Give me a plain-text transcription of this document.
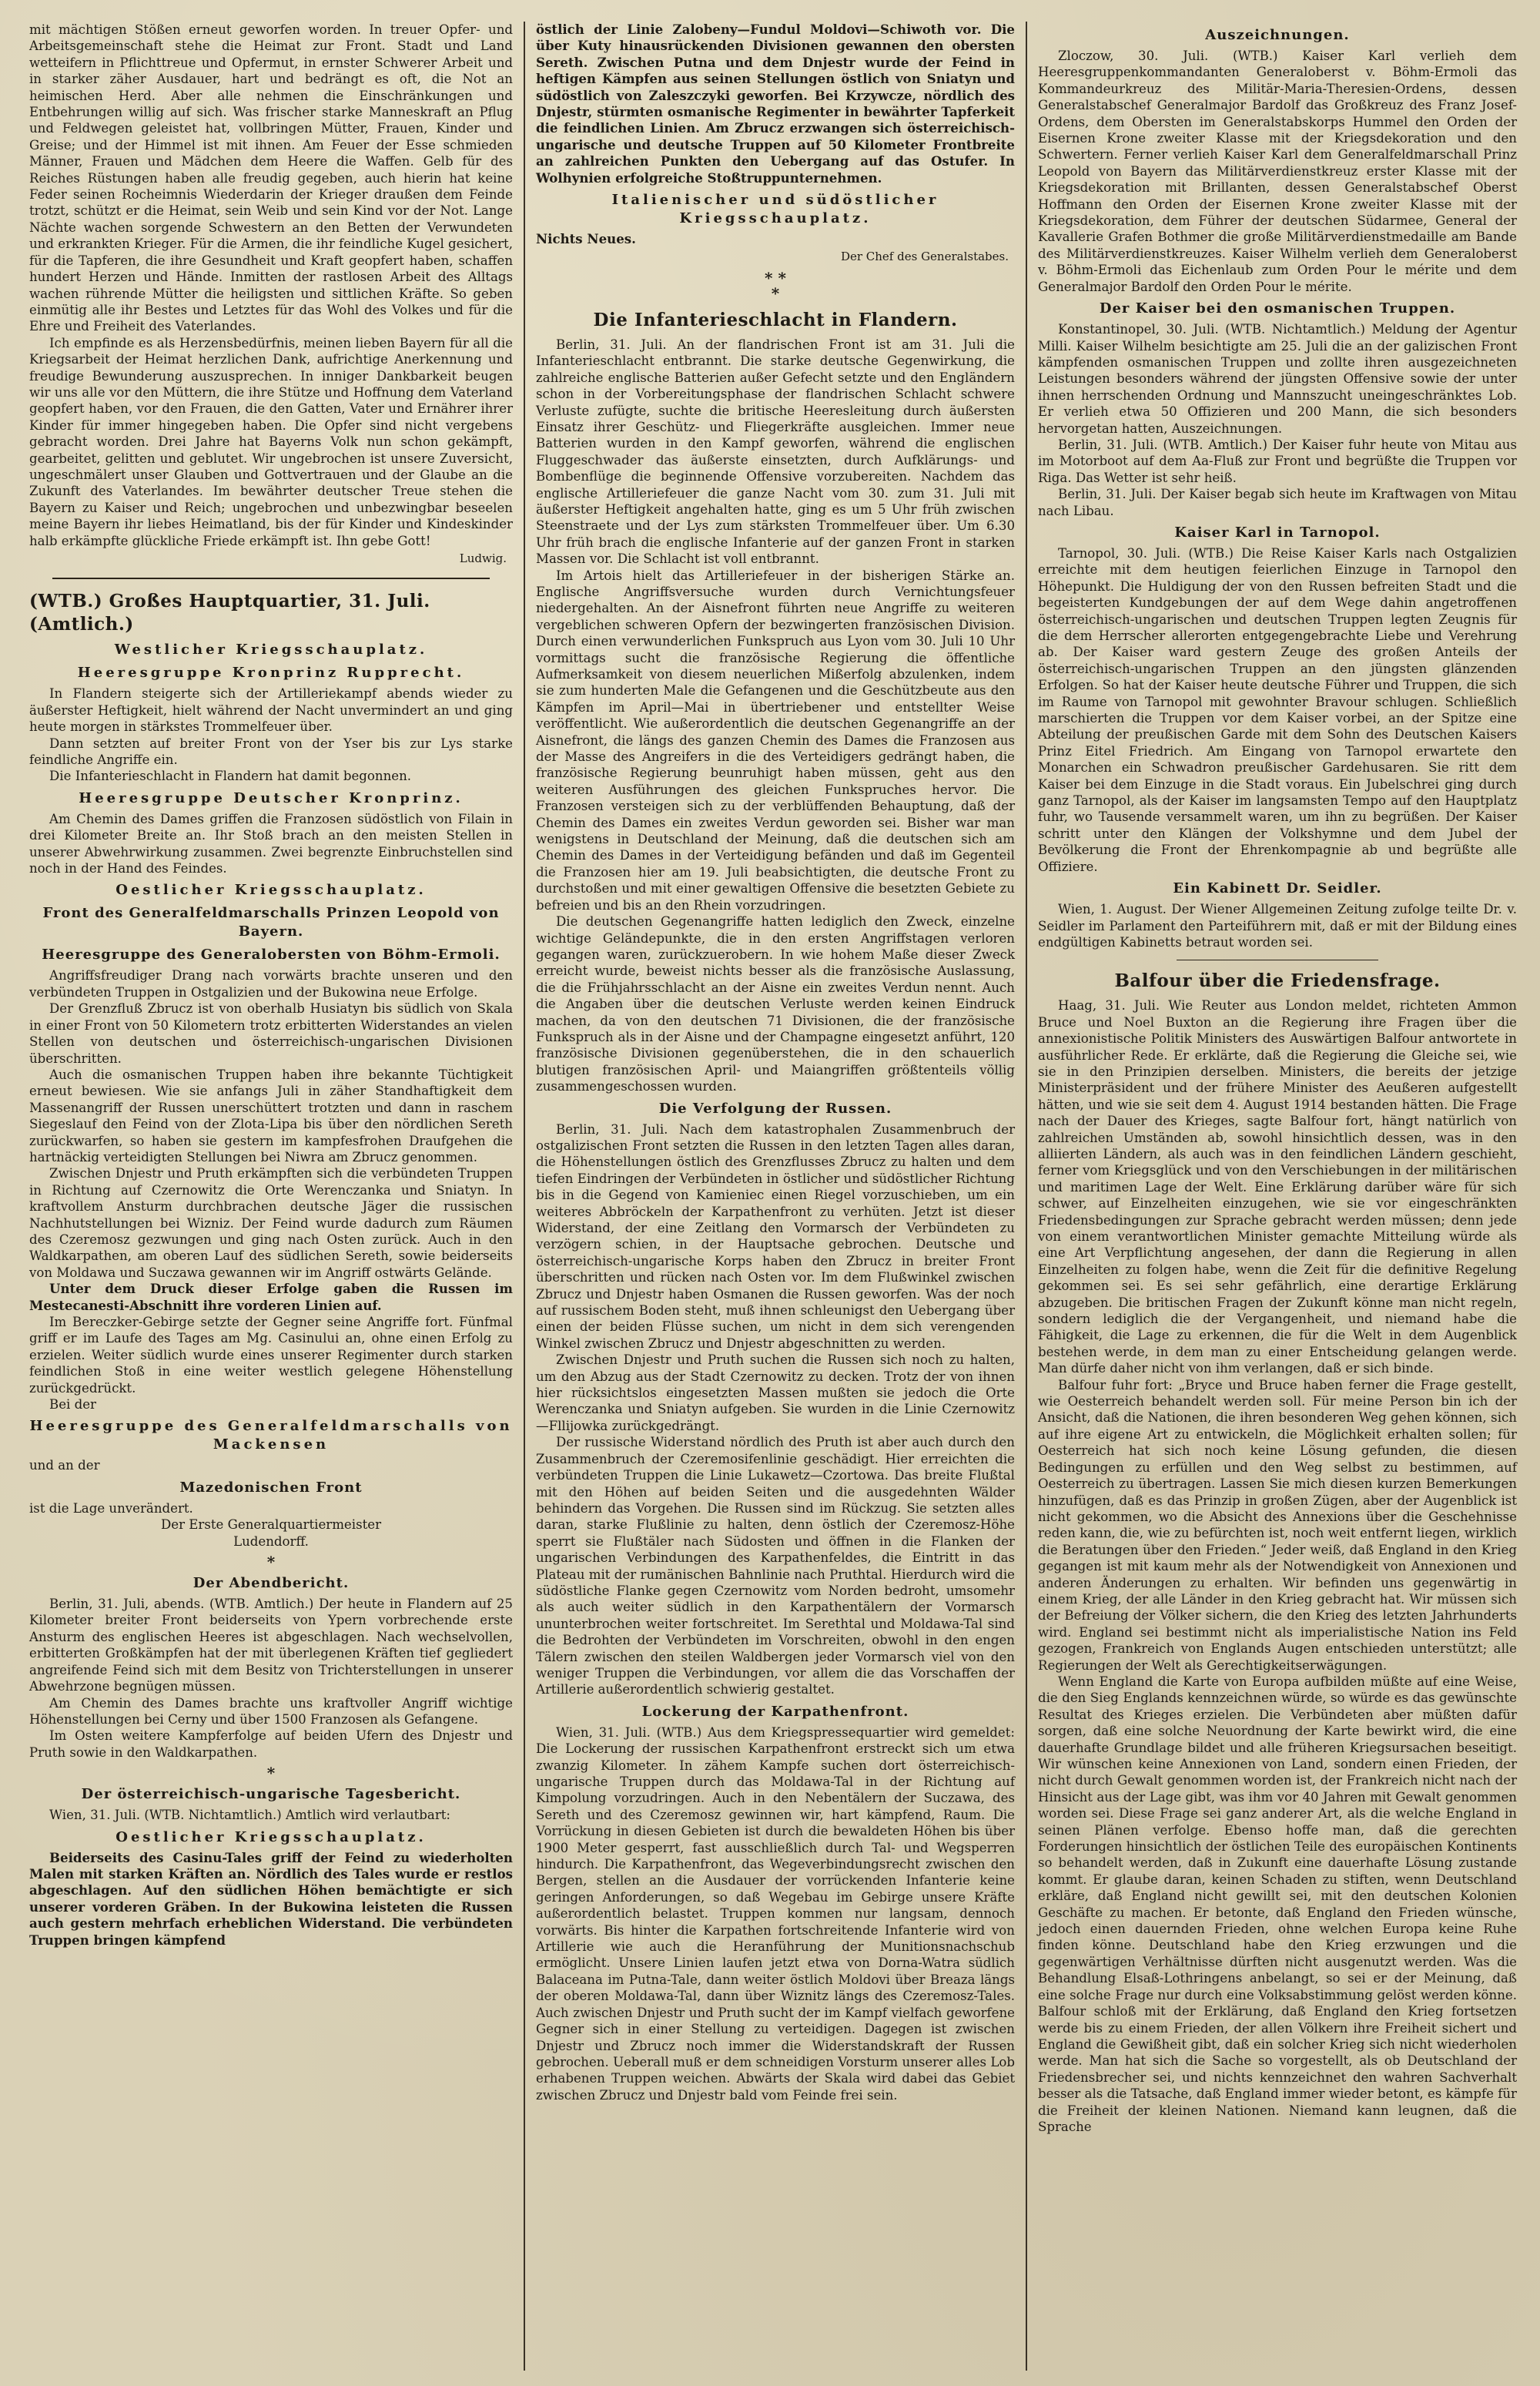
mit mächtigen Stößen erneut geworfen worden. In treuer Opfer- und Arbeitsgemeinschaft stehe die Heimat zur Front. Stadt und Land wetteifern in Pflichttreue und Opfermut, in ernster Schwerer Arbeit und in starker zäher Ausdauer, hart und bedrängt es oft, die Not an heimischen Herd. Aber alle nehmen die Einschränkungen und Entbehrungen willig auf sich. Was frischer starke Manneskraft an Pflug und Feldwegen geleistet hat, vollbringen Mütter, Frauen, Kinder und Greise; und der Himmel ist mit ihnen. Am Feuer der Esse schmieden Männer, Frauen und Mädchen dem Heere die Waffen. Gelb für des Reiches Rüstungen haben alle freudig gegeben, auch hierin hat keine Feder seinen Rocheimnis Wiederdarin der Krieger draußen dem Feinde trotzt, schützt er die Heimat, sein Weib und sein Kind vor der Not. Lange Nächte wachen sorgende Schwestern an den Betten der Verwundeten und erkrankten Krieger. Für die Armen, die ihr feindliche Kugel gesichert, für die Tapferen, die ihre Gesundheit und Kraft geopfert haben, schaffen hundert Herzen und Hände. Inmitten der rastlosen Arbeit des Alltags wachen rührende Mütter die heiligsten und sittlichen Kräfte. So geben einmütig alle ihr Bestes und Letztes für das Wohl des Volkes und für die Ehre und Freiheit des Vaterlandes.

Ich empfinde es als Herzensbedürfnis, meinen lieben Bayern für all die Kriegsarbeit der Heimat herzlichen Dank, aufrichtige Anerkennung und freudige Bewunderung auszusprechen. In inniger Dankbarkeit beugen wir uns alle vor den Müttern, die ihre Stütze und Hoffnung dem Vaterland geopfert haben, vor den Frauen, die den Gatten, Vater und Ernährer ihrer Kinder für immer hingegeben haben. Die Opfer sind nicht vergebens gebracht worden. Drei Jahre hat Bayerns Volk nun schon gekämpft, gearbeitet, gelitten und geblutet. Wir ungebrochen ist unsere Zuversicht, ungeschmälert unser Glauben und Gottvertrauen und der Glaube an die Zukunft des Vaterlandes. Im bewährter deutscher Treue stehen die Bayern zu Kaiser und Reich; ungebrochen und unbezwingbar beseelen meine Bayern ihr liebes Heimatland, bis der für Kinder und Kindeskinder halb erkämpfte glückliche Friede erkämpft ist. Ihn gebe Gott!

Ludwig.

(WTB.) Großes Hauptquartier, 31. Juli. (Amtlich.)

Westlicher Kriegsschauplatz.

Heeresgruppe Kronprinz Rupprecht.

In Flandern steigerte sich der Artilleriekampf abends wieder zu äußerster Heftigkeit, hielt während der Nacht unvermindert an und ging heute morgen in stärkstes Trommelfeuer über.

Dann setzten auf breiter Front von der Yser bis zur Lys starke feindliche Angriffe ein.

Die Infanterieschlacht in Flandern hat damit begonnen.

Heeresgruppe Deutscher Kronprinz.

Am Chemin des Dames griffen die Franzosen südöstlich von Filain in drei Kilometer Breite an. Ihr Stoß brach an den meisten Stellen in unserer Abwehrwirkung zusammen. Zwei begrenzte Einbruchstellen sind noch in der Hand des Feindes.

Oestlicher Kriegsschauplatz.

Front des Generalfeldmarschalls Prinzen Leopold von Bayern.

Heeresgruppe des Generalobersten von Böhm-Ermoli.

Angriffsfreudiger Drang nach vorwärts brachte unseren und den verbündeten Truppen in Ostgalizien und der Bukowina neue Erfolge.

Der Grenzfluß Zbrucz ist von oberhalb Husiatyn bis südlich von Skala in einer Front von 50 Kilometern trotz erbitterten Widerstandes an vielen Stellen von deutschen und österreichisch-ungarischen Divisionen überschritten.

Auch die osmanischen Truppen haben ihre bekannte Tüchtigkeit erneut bewiesen. Wie sie anfangs Juli in zäher Standhaftigkeit dem Massenangriff der Russen unerschüttert trotzten und dann in raschem Siegeslauf den Feind von der Zlota-Lipa bis über den nördlichen Sereth zurückwarfen, so haben sie gestern im kampfesfrohen Draufgehen die hartnäckig verteidigten Stellungen bei Niwra am Zbrucz genommen.

Zwischen Dnjestr und Pruth erkämpften sich die verbündeten Truppen in Richtung auf Czernowitz die Orte Werenczanka und Sniatyn. In kraftvollem Ansturm durchbrachen deutsche Jäger die russischen Nachhutstellungen bei Wizniz. Der Feind wurde dadurch zum Räumen des Czeremosz gezwungen und ging nach Osten zurück. Auch in den Waldkarpathen, am oberen Lauf des südlichen Sereth, sowie beiderseits von Moldawa und Suczawa gewannen wir im Angriff ostwärts Gelände.

Unter dem Druck dieser Erfolge gaben die Russen im Mestecanesti-Abschnitt ihre vorderen Linien auf.

Im Bereczker-Gebirge setzte der Gegner seine Angriffe fort. Fünfmal griff er im Laufe des Tages am Mg. Casinului an, ohne einen Erfolg zu erzielen. Weiter südlich wurde eines unserer Regimenter durch starken feindlichen Stoß in eine weiter westlich gelegene Höhenstellung zurückgedrückt.

Bei der

Heeresgruppe des Generalfeldmarschalls von Mackensen

und an der

Mazedonischen Front

ist die Lage unverändert.

Der Erste Generalquartiermeister

Ludendorff.

*

Der Abendbericht.

Berlin, 31. Juli, abends. (WTB. Amtlich.) Der heute in Flandern auf 25 Kilometer breiter Front beiderseits von Ypern vorbrechende erste Ansturm des englischen Heeres ist abgeschlagen. Nach wechselvollen, erbitterten Großkämpfen hat der mit überlegenen Kräften tief gegliedert angreifende Feind sich mit dem Besitz von Trichterstellungen in unserer Abwehrzone begnügen müssen.

Am Chemin des Dames brachte uns kraftvoller Angriff wichtige Höhenstellungen bei Cerny und über 1500 Franzosen als Gefangene.

Im Osten weitere Kampferfolge auf beiden Ufern des Dnjestr und Pruth sowie in den Waldkarpathen.

*

Der österreichisch-ungarische Tagesbericht.

Wien, 31. Juli. (WTB. Nichtamtlich.) Amtlich wird verlautbart:

Oestlicher Kriegsschauplatz.

Beiderseits des Casinu-Tales griff der Feind zu wiederholten Malen mit starken Kräften an. Nördlich des Tales wurde er restlos abgeschlagen. Auf den südlichen Höhen bemächtigte er sich unserer vorderen Gräben. In der Bukowina leisteten die Russen auch gestern mehrfach erheblichen Widerstand. Die verbündeten Truppen bringen kämpfend

östlich der Linie Zalobeny—Fundul Moldovi—Schiwoth vor. Die über Kuty hinausrückenden Divisionen gewannen den obersten Sereth. Zwischen Putna und dem Dnjestr wurde der Feind in heftigen Kämpfen aus seinen Stellungen östlich von Sniatyn und südöstlich von Zaleszczyki geworfen. Bei Krzywcze, nördlich des Dnjestr, stürmten osmanische Regimenter in bewährter Tapferkeit die feindlichen Linien. Am Zbrucz erzwangen sich österreichisch-ungarische und deutsche Truppen auf 50 Kilometer Frontbreite an zahlreichen Punkten den Uebergang auf das Ostufer. In Wolhynien erfolgreiche Stoßtruppunternehmen.

Italienischer und südöstlicher Kriegsschauplatz.

Nichts Neues.

Der Chef des Generalstabes.

* *
*

Die Infanterieschlacht in Flandern.

Berlin, 31. Juli. An der flandrischen Front ist am 31. Juli die Infanterieschlacht entbrannt. Die starke deutsche Gegenwirkung, die zahlreiche englische Batterien außer Gefecht setzte und den Engländern schon in der Vorbereitungsphase der flandrischen Schlacht schwere Verluste zufügte, suchte die britische Heeresleitung durch äußersten Einsatz ihrer Geschütz- und Fliegerkräfte ausgleichen. Immer neue Batterien wurden in den Kampf geworfen, während die englischen Fluggeschwader das äußerste einsetzten, durch Aufklärungs- und Bombenflüge die beginnende Offensive vorzubereiten. Nachdem das englische Artilleriefeuer die ganze Nacht vom 30. zum 31. Juli mit äußerster Heftigkeit angehalten hatte, ging es um 5 Uhr früh zwischen Steenstraete und der Lys zum stärksten Trommelfeuer über. Um 6.30 Uhr früh brach die englische Infanterie auf der ganzen Front in starken Massen vor. Die Schlacht ist voll entbrannt.

Im Artois hielt das Artilleriefeuer in der bisherigen Stärke an. Englische Angriffsversuche wurden durch Vernichtungsfeuer niedergehalten. An der Aisnefront führten neue Angriffe zu weiteren vergeblichen schweren Opfern der bezwingerten französischen Division. Durch einen verwunderlichen Funkspruch aus Lyon vom 30. Juli 10 Uhr vormittags sucht die französische Regierung die öffentliche Aufmerksamkeit von diesem neuerlichen Mißerfolg abzulenken, indem sie zum hunderten Male die Gefangenen und die Geschützbeute aus den Kämpfen im April—Mai in übertriebener und entstellter Weise veröffentlicht. Wie außerordentlich die deutschen Gegenangriffe an der Aisnefront, die längs des ganzen Chemin des Dames die Franzosen aus der Masse des Angreifers in die des Verteidigers gedrängt haben, die französische Regierung beunruhigt haben müssen, geht aus den weiteren Ausführungen des gleichen Funkspruches hervor. Die Franzosen versteigen sich zu der verblüffenden Behauptung, daß der Chemin des Dames ein zweites Verdun geworden sei. Bisher war man wenigstens in Deutschland der Meinung, daß die deutschen sich am Chemin des Dames in der Verteidigung befänden und daß im Gegenteil die Franzosen hier am 19. Juli beabsichtigten, die deutsche Front zu durchstoßen und mit einer gewaltigen Offensive die besetzten Gebiete zu befreien und bis an den Rhein vorzudringen.

Die deutschen Gegenangriffe hatten lediglich den Zweck, einzelne wichtige Geländepunkte, die in den ersten Angriffstagen verloren gegangen waren, zurückzuerobern. In wie hohem Maße dieser Zweck erreicht wurde, beweist nichts besser als die französische Auslassung, die die Frühjahrsschlacht an der Aisne ein zweites Verdun nennt. Auch die Angaben über die deutschen Verluste werden keinen Eindruck machen, da von den deutschen 71 Divisionen, die der französische Funkspruch als in der Aisne und der Champagne eingesetzt anführt, 120 französische Divisionen gegenüberstehen, die in den schauerlich blutigen französischen April- und Maiangriffen größtenteils völlig zusammengeschossen wurden.

Die Verfolgung der Russen.

Berlin, 31. Juli. Nach dem katastrophalen Zusammenbruch der ostgalizischen Front setzten die Russen in den letzten Tagen alles daran, die Höhenstellungen östlich des Grenzflusses Zbrucz zu halten und dem tiefen Eindringen der Verbündeten in östlicher und südöstlicher Richtung bis in die Gegend von Kamieniec einen Riegel vorzuschieben, um ein weiteres Abbröckeln der Karpathenfront zu verhüten. Jetzt ist dieser Widerstand, der eine Zeitlang den Vormarsch der Verbündeten zu verzögern schien, in der Hauptsache gebrochen. Deutsche und österreichisch-ungarische Korps haben den Zbrucz in breiter Front überschritten und rücken nach Osten vor. Im dem Flußwinkel zwischen Zbrucz und Dnjestr haben Osmanen die Russen geworfen. Was der noch auf russischem Boden steht, muß ihnen schleunigst den Uebergang über einen der beiden Flüsse suchen, um nicht in dem sich verengenden Winkel zwischen Zbrucz und Dnjestr abgeschnitten zu werden.

Zwischen Dnjestr und Pruth suchen die Russen sich noch zu halten, um den Abzug aus der Stadt Czernowitz zu decken. Trotz der von ihnen hier rücksichtslos eingesetzten Massen mußten sie jedoch die Orte Werenczanka und Sniatyn aufgeben. Sie wurden in die Linie Czernowitz—Fllijowka zurückgedrängt.

Der russische Widerstand nördlich des Pruth ist aber auch durch den Zusammenbruch der Czeremosifenlinie geschädigt. Hier erreichten die verbündeten Truppen die Linie Lukawetz—Czortowa. Das breite Flußtal mit den Höhen auf beiden Seiten und die ausgedehnten Wälder behindern das Vorgehen. Die Russen sind im Rückzug. Sie setzten alles daran, starke Flußlinie zu halten, denn östlich der Czeremosz-Höhe sperrt sie Flußtäler nach Südosten und öffnen in die Flanken der ungarischen Verbindungen des Karpathenfeldes, die Eintritt in das Plateau mit der rumänischen Bahnlinie nach Pruthtal. Hierdurch wird die südöstliche Flanke gegen Czernowitz vom Norden bedroht, umsomehr als auch weiter südlich in den Karpathentälern der Vormarsch ununterbrochen weiter fortschreitet. Im Serethtal und Moldawa-Tal sind die Bedrohten der Verbündeten im Vorschreiten, obwohl in den engen Tälern zwischen den steilen Waldbergen jeder Vormarsch viel von den weniger Truppen die Verbindungen, vor allem die das Vorschaffen der Artillerie außerordentlich schwierig gestaltet.

Lockerung der Karpathenfront.

Wien, 31. Juli. (WTB.) Aus dem Kriegspressequartier wird gemeldet: Die Lockerung der russischen Karpathenfront erstreckt sich um etwa zwanzig Kilometer. In zähem Kampfe suchen dort österreichisch-ungarische Truppen durch das Moldawa-Tal in der Richtung auf Kimpolung vorzudringen. Auch in den Nebentälern der Suczawa, des Sereth und des Czeremosz gewinnen wir, hart kämpfend, Raum. Die Vorrückung in diesen Gebieten ist durch die bewaldeten Höhen bis über 1900 Meter gesperrt, fast ausschließlich durch Tal- und Wegsperren hindurch. Die Karpathenfront, das Wegeverbindungsrecht zwischen den Bergen, stellen an die Ausdauer der vorrückenden Infanterie keine geringen Anforderungen, so daß Wegebau im Gebirge unsere Kräfte außerordentlich belastet. Truppen kommen nur langsam, dennoch vorwärts. Bis hinter die Karpathen fortschreitende Infanterie wird von Artillerie wie auch die Heranführung der Munitionsnachschub ermöglicht. Unsere Linien laufen jetzt etwa von Dorna-Watra südlich Balaceana im Putna-Tale, dann weiter östlich Moldovi über Breaza längs der oberen Moldawa-Tal, dann über Wiznitz längs des Czeremosz-Tales. Auch zwischen Dnjestr und Pruth sucht der im Kampf vielfach geworfene Gegner sich in einer Stellung zu verteidigen. Dagegen ist zwischen Dnjestr und Zbrucz noch immer die Widerstandskraft der Russen gebrochen. Ueberall muß er dem schneidigen Vorsturm unserer alles Lob erhabenen Truppen weichen. Abwärts der Skala wird dabei das Gebiet zwischen Zbrucz und Dnjestr bald vom Feinde frei sein.

Auszeichnungen.

Zloczow, 30. Juli. (WTB.) Kaiser Karl verlieh dem Heeresgruppenkommandanten Generaloberst v. Böhm-Ermoli das Kommandeurkreuz des Militär-Maria-Theresien-Ordens, dessen Generalstabschef Generalmajor Bardolf das Großkreuz des Franz Josef-Ordens, dem Obersten im Generalstabskorps Hummel den Orden der Eisernen Krone zweiter Klasse mit der Kriegsdekoration und den Schwertern. Ferner verlieh Kaiser Karl dem Generalfeldmarschall Prinz Leopold von Bayern das Militärverdienstkreuz erster Klasse mit der Kriegsdekoration mit Brillanten, dessen Generalstabschef Oberst Hoffmann den Orden der Eisernen Krone zweiter Klasse mit der Kriegsdekoration, dem Führer der deutschen Südarmee, General der Kavallerie Grafen Bothmer die große Militärverdienstmedaille am Bande des Militärverdienstkreuzes. Kaiser Wilhelm verlieh dem Generaloberst v. Böhm-Ermoli das Eichenlaub zum Orden Pour le mérite und dem Generalmajor Bardolf den Orden Pour le mérite.

Der Kaiser bei den osmanischen Truppen.

Konstantinopel, 30. Juli. (WTB. Nichtamtlich.) Meldung der Agentur Milli. Kaiser Wilhelm besichtigte am 25. Juli die an der galizischen Front kämpfenden osmanischen Truppen und zollte ihren ausgezeichneten Leistungen besonders während der jüngsten Offensive sowie der unter ihnen herrschenden Ordnung und Mannszucht uneingeschränktes Lob. Er verlieh etwa 50 Offizieren und 200 Mann, die sich besonders hervorgetan hatten, Auszeichnungen.

Berlin, 31. Juli. (WTB. Amtlich.) Der Kaiser fuhr heute von Mitau aus im Motorboot auf dem Aa-Fluß zur Front und begrüßte die Truppen vor Riga. Das Wetter ist sehr heiß.

Berlin, 31. Juli. Der Kaiser begab sich heute im Kraftwagen von Mitau nach Libau.

Kaiser Karl in Tarnopol.

Tarnopol, 30. Juli. (WTB.) Die Reise Kaiser Karls nach Ostgalizien erreichte mit dem heutigen feierlichen Einzuge in Tarnopol den Höhepunkt. Die Huldigung der von den Russen befreiten Stadt und die begeisterten Kundgebungen der auf dem Wege dahin angetroffenen österreichisch-ungarischen und deutschen Truppen legten Zeugnis für die dem Herrscher allerorten entgegengebrachte Liebe und Verehrung ab. Der Kaiser ward gestern Zeuge des großen Anteils der österreichisch-ungarischen Truppen an den jüngsten glänzenden Erfolgen. So hat der Kaiser heute deutsche Führer und Truppen, die sich im Raume von Tarnopol mit gewohnter Bravour schlugen. Schließlich marschierten die Truppen vor dem Kaiser vorbei, an der Spitze eine Abteilung der preußischen Garde mit dem Sohn des Deutschen Kaisers Prinz Eitel Friedrich. Am Eingang von Tarnopol erwartete den Monarchen ein Schwadron preußischer Gardehusaren. Sie ritt dem Kaiser bei dem Einzuge in die Stadt voraus. Ein Jubelschrei ging durch ganz Tarnopol, als der Kaiser im langsamsten Tempo auf den Hauptplatz fuhr, wo Tausende versammelt waren, um ihn zu begrüßen. Der Kaiser schritt unter den Klängen der Volkshymne und dem Jubel der Bevölkerung die Front der Ehrenkompagnie ab und begrüßte alle Offiziere.

Ein Kabinett Dr. Seidler.

Wien, 1. August. Der Wiener Allgemeinen Zeitung zufolge teilte Dr. v. Seidler im Parlament den Parteiführern mit, daß er mit der Bildung eines endgültigen Kabinetts betraut worden sei.

Balfour über die Friedensfrage.

Haag, 31. Juli. Wie Reuter aus London meldet, richteten Ammon Bruce und Noel Buxton an die Regierung ihre Fragen über die annexionistische Politik Ministers des Auswärtigen Balfour antwortete in ausführlicher Rede. Er erklärte, daß die Regierung die Gleiche sei, wie sie in den Prinzipien derselben. Ministers, die bereits der jetzige Ministerpräsident und der frühere Minister des Aeußeren aufgestellt hätten, und wie sie seit dem 4. August 1914 bestanden hätten. Die Frage nach der Dauer des Krieges, sagte Balfour fort, hängt natürlich von zahlreichen Umständen ab, sowohl hinsichtlich dessen, was in den alliierten Ländern, als auch was in den feindlichen Ländern geschieht, ferner vom Kriegsglück und von den Verschiebungen in der militärischen und maritimen Lage der Welt. Eine Erklärung darüber wäre für sich schwer, auf Einzelheiten einzugehen, wie sie vor eingeschränkten Friedensbedingungen zur Sprache gebracht werden müssen; denn jede von einem verantwortlichen Minister gemachte Mitteilung würde als eine Art Verpflichtung angesehen, der dann die Regierung in allen Einzelheiten zu folgen habe, wenn die Zeit für die definitive Regelung gekommen sei. Es sei sehr gefährlich, eine derartige Erklärung abzugeben. Die britischen Fragen der Zukunft könne man nicht regeln, sondern lediglich die der Vergangenheit, und niemand habe die Fähigkeit, die Lage zu erkennen, die für die Welt in dem Augenblick bestehen werde, in dem man zu einer Entscheidung gelangen werde. Man dürfe daher nicht von ihm verlangen, daß er sich binde.

Balfour fuhr fort: „Bryce und Bruce haben ferner die Frage gestellt, wie Oesterreich behandelt werden soll. Für meine Person bin ich der Ansicht, daß die Nationen, die ihren besonderen Weg gehen können, sich auf ihre eigene Art zu entwickeln, die Möglichkeit erhalten sollen; für Oesterreich hat sich noch keine Lösung gefunden, die diesen Bedingungen zu erfüllen und den Weg selbst zu bestimmen, auf Oesterreich zu übertragen. Lassen Sie mich diesen kurzen Bemerkungen hinzufügen, daß es das Prinzip in großen Zügen, aber der Augenblick ist nicht gekommen, wo die Absicht des Annexions über die Geschehnisse reden kann, die, wie zu befürchten ist, noch weit entfernt liegen, wirklich die Beratungen über den Frieden.“ Jeder weiß, daß England in den Krieg gegangen ist mit kaum mehr als der Notwendigkeit von Annexionen und anderen Änderungen zu erhalten. Wir befinden uns gegenwärtig in einem Krieg, der alle Länder in den Krieg gebracht hat. Wir müssen sich der Befreiung der Völker sichern, die den Krieg des letzten Jahrhunderts wird. England sei bestimmt nicht als imperialistische Nation ins Feld gezogen, Frankreich von Englands Augen entschieden unterstützt; alle Regierungen der Welt als Gerechtigkeitserwägungen.

Wenn England die Karte von Europa aufbilden müßte auf eine Weise, die den Sieg Englands kennzeichnen würde, so würde es das gewünschte Resultat des Krieges erzielen. Die Verbündeten aber müßten dafür sorgen, daß eine solche Neuordnung der Karte bewirkt wird, die eine dauerhafte Grundlage bildet und alle früheren Kriegsursachen beseitigt. Wir wünschen keine Annexionen von Land, sondern einen Frieden, der nicht durch Gewalt genommen worden ist, der Frankreich nicht nach der Hinsicht aus der Lage gibt, was ihm vor 40 Jahren mit Gewalt genommen worden sei. Diese Frage sei ganz anderer Art, als die welche England in seinen Plänen verfolge. Ebenso hoffe man, daß die gerechten Forderungen hinsichtlich der östlichen Teile des europäischen Kontinents so behandelt werden, daß in Zukunft eine dauerhafte Lösung zustande kommt. Er glaube daran, keinen Schaden zu stiften, wenn Deutschland erkläre, daß England nicht gewillt sei, mit den deutschen Kolonien Geschäfte zu machen. Er betonte, daß England den Frieden wünsche, jedoch einen dauernden Frieden, ohne welchen Europa keine Ruhe finden könne. Deutschland habe den Krieg erzwungen und die gegenwärtigen Verhältnisse dürften nicht ausgenutzt werden. Was die Behandlung Elsaß-Lothringens anbelangt, so sei er der Meinung, daß eine solche Frage nur durch eine Volksabstimmung gelöst werden könne. Balfour schloß mit der Erklärung, daß England den Krieg fortsetzen werde bis zu einem Frieden, der allen Völkern ihre Freiheit sichert und England die Gewißheit gibt, daß ein solcher Krieg sich nicht wiederholen werde. Man hat sich die Sache so vorgestellt, als ob Deutschland der Friedensbrecher sei, und nichts kennzeichnet den wahren Sachverhalt besser als die Tatsache, daß England immer wieder betont, es kämpfe für die Freiheit der kleinen Nationen. Niemand kann leugnen, daß die Sprache
